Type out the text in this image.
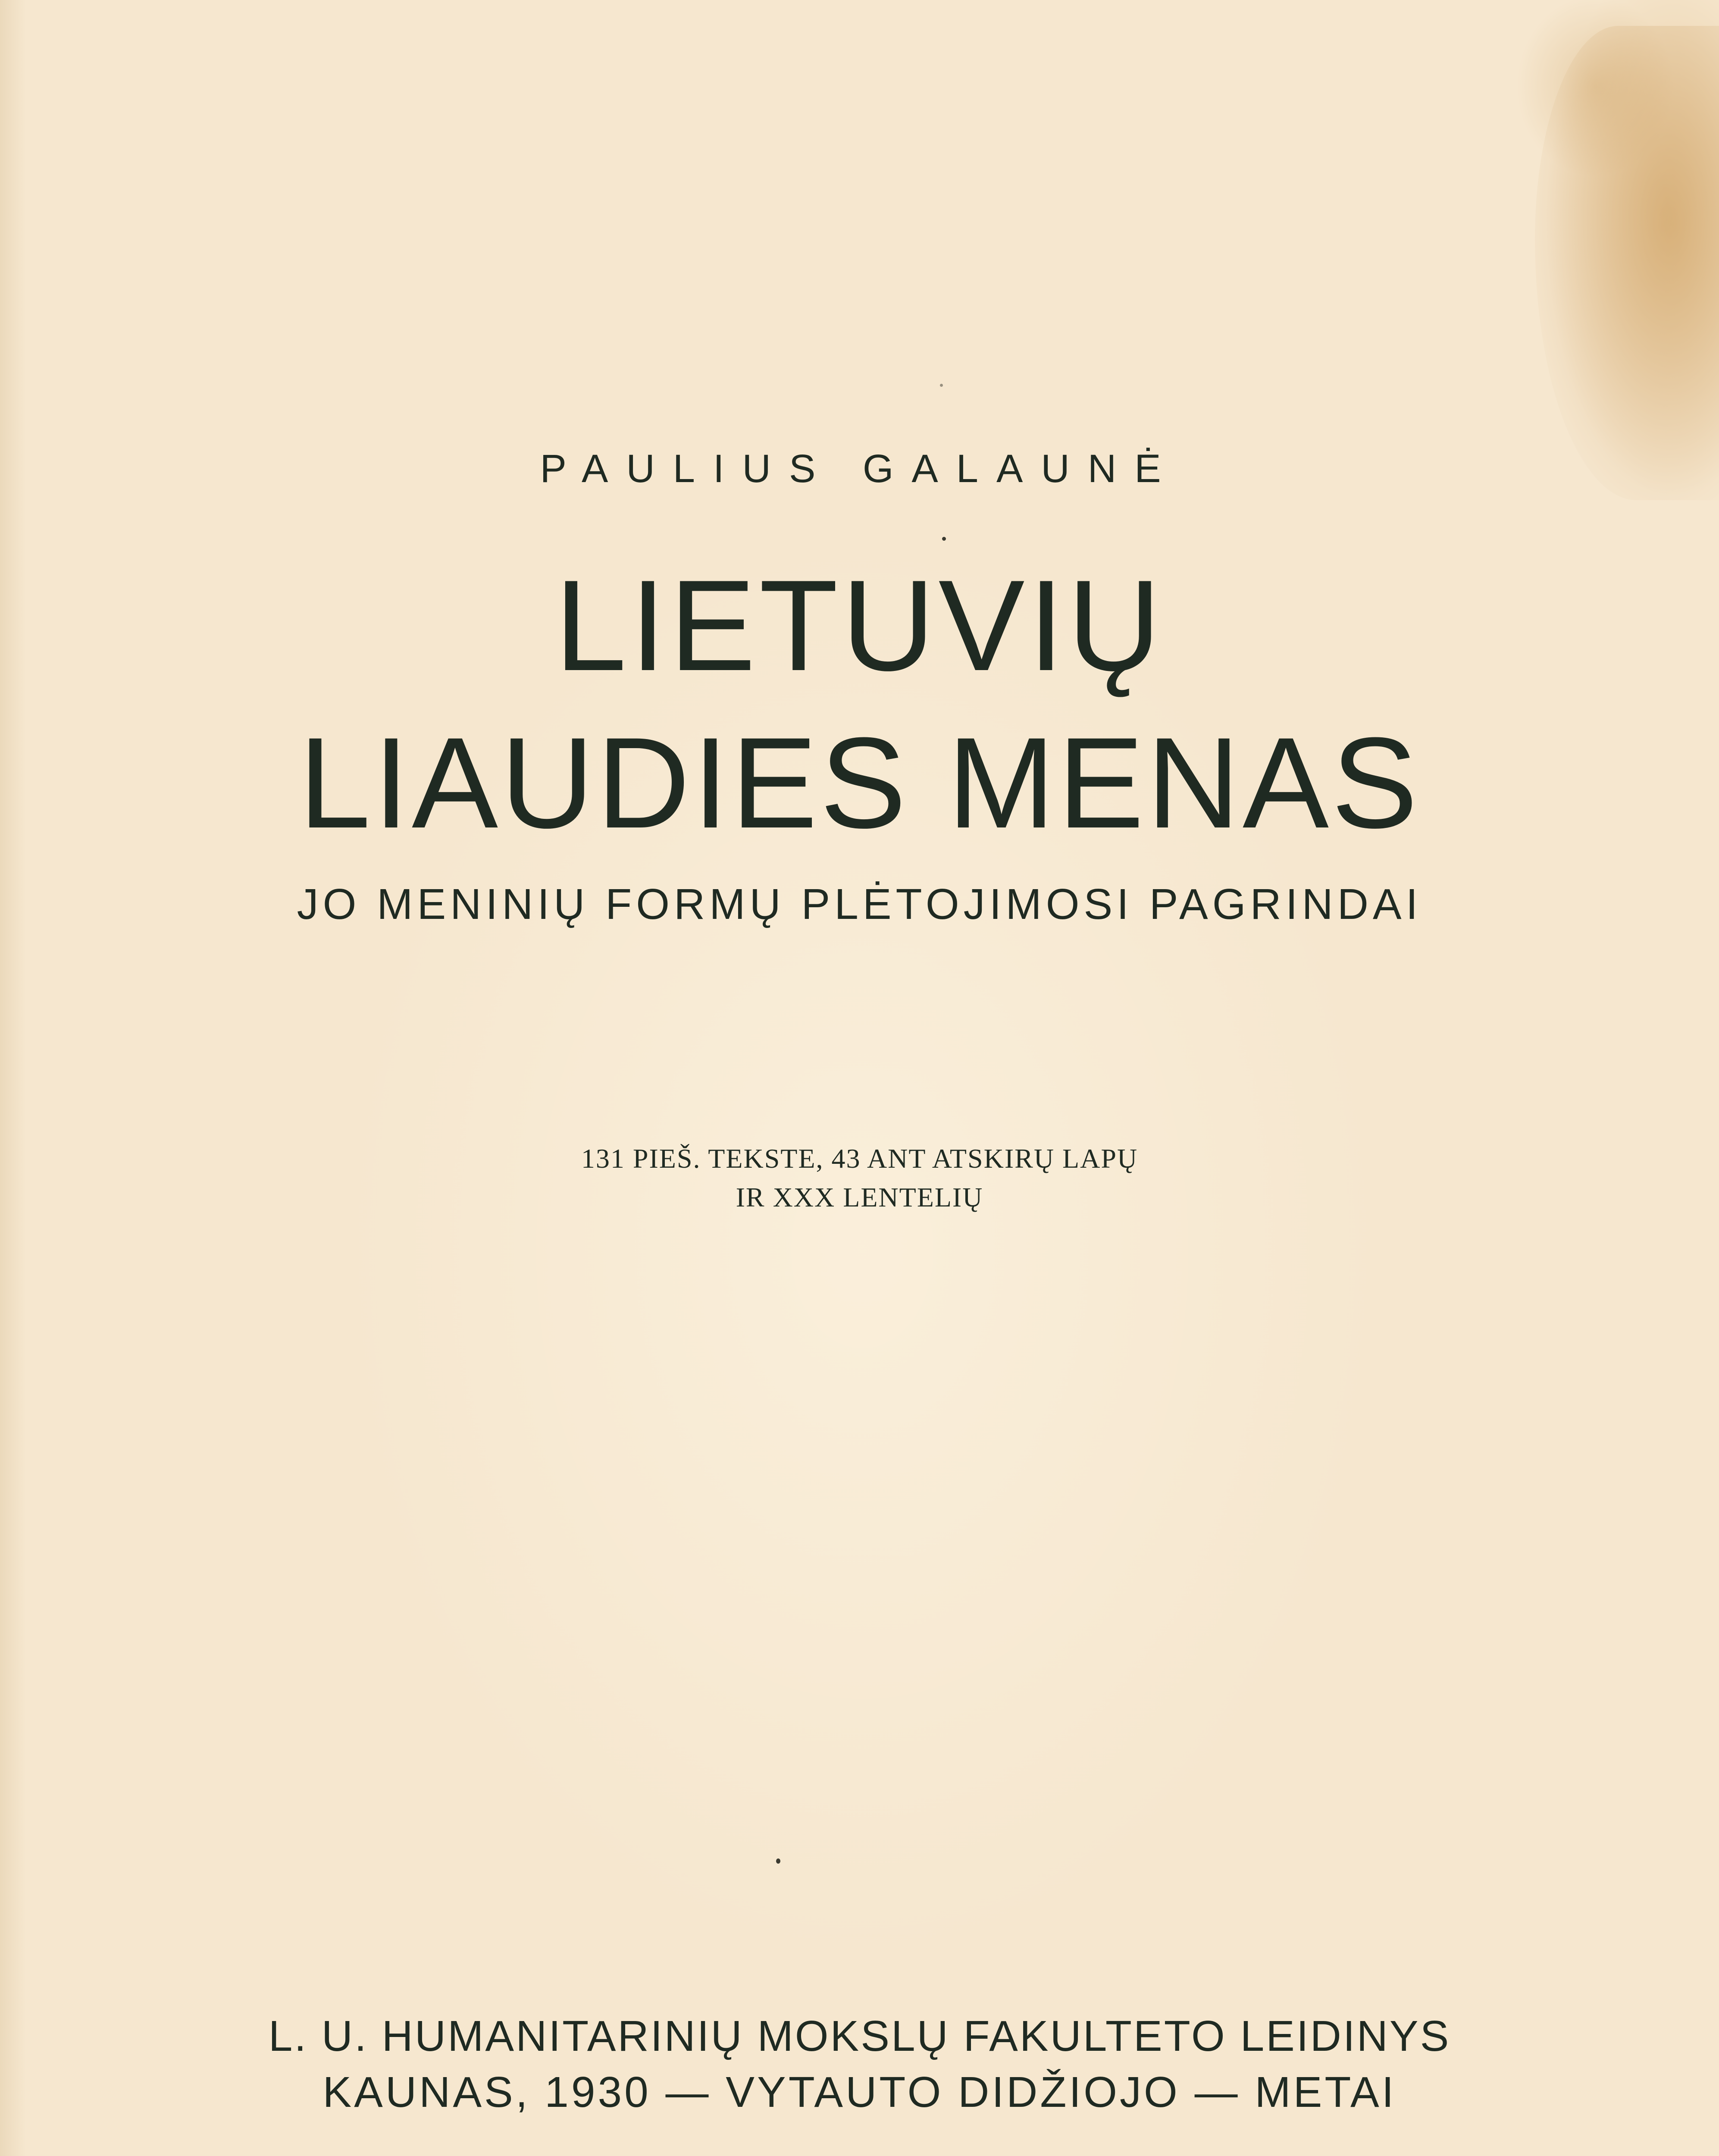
PAULIUS GALAUNĖ
LIETUVIŲ
LIAUDIES MENAS
JO MENINIŲ FORMŲ PLĖTOJIMOSI PAGRINDAI
131 PIEŠ. TEKSTE, 43 ANT ATSKIRŲ LAPŲ
IR XXX LENTELIŲ
L. U. HUMANITARINIŲ MOKSLŲ FAKULTETO LEIDINYS
KAUNAS, 1930 — VYTAUTO DIDŽIOJO — METAI
